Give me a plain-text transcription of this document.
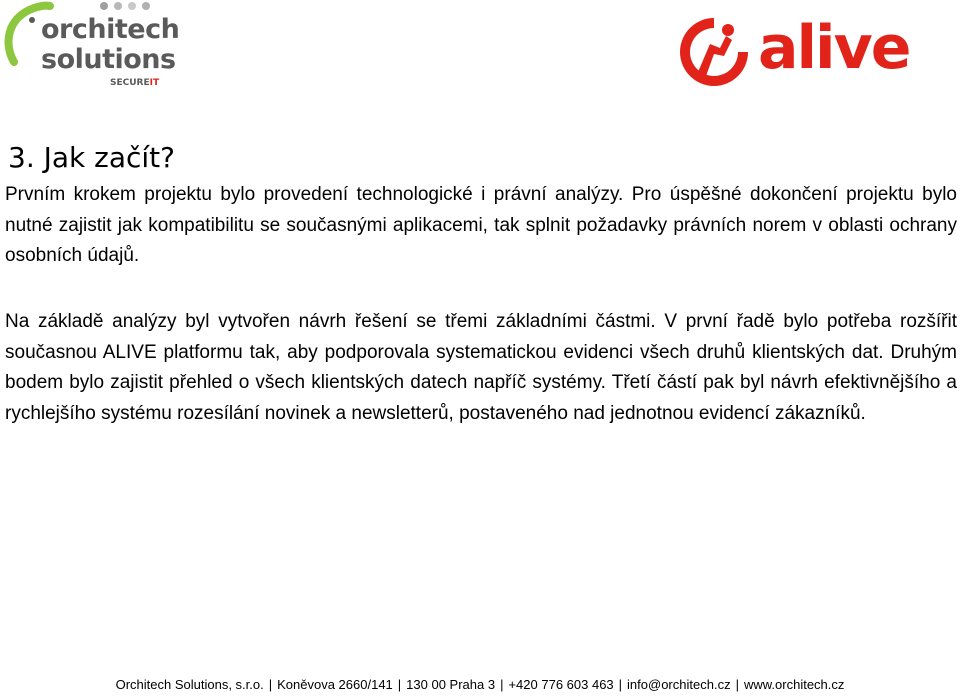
orchitech
solutions
SECUREIT	alive
3. Jak začít?

Prvním krokem projektu bylo provedení technologické i právní analýzy. Pro úspěšné dokončení projektu bylo nutné zajistit jak kompatibilitu se současnými aplikacemi, tak splnit požadavky právních norem v oblasti ochrany osobních údajů.

Na základě analýzy byl vytvořen návrh řešení se třemi základními částmi. V první řadě bylo potřeba rozšířit současnou ALIVE platformu tak, aby podporovala systematickou evidenci všech druhů klientských dat. Druhým bodem bylo zajistit přehled o všech klientských datech napříč systémy. Třetí částí pak byl návrh efektivnějšího a rychlejšího systému rozesílání novinek a newsletterů, postaveného nad jednotnou evidencí zákazníků.

Orchitech Solutions, s.r.o. | Koněvova 2660/141 | 130 00 Praha 3 | +420 776 603 463 | info@orchitech.cz | www.orchitech.cz
